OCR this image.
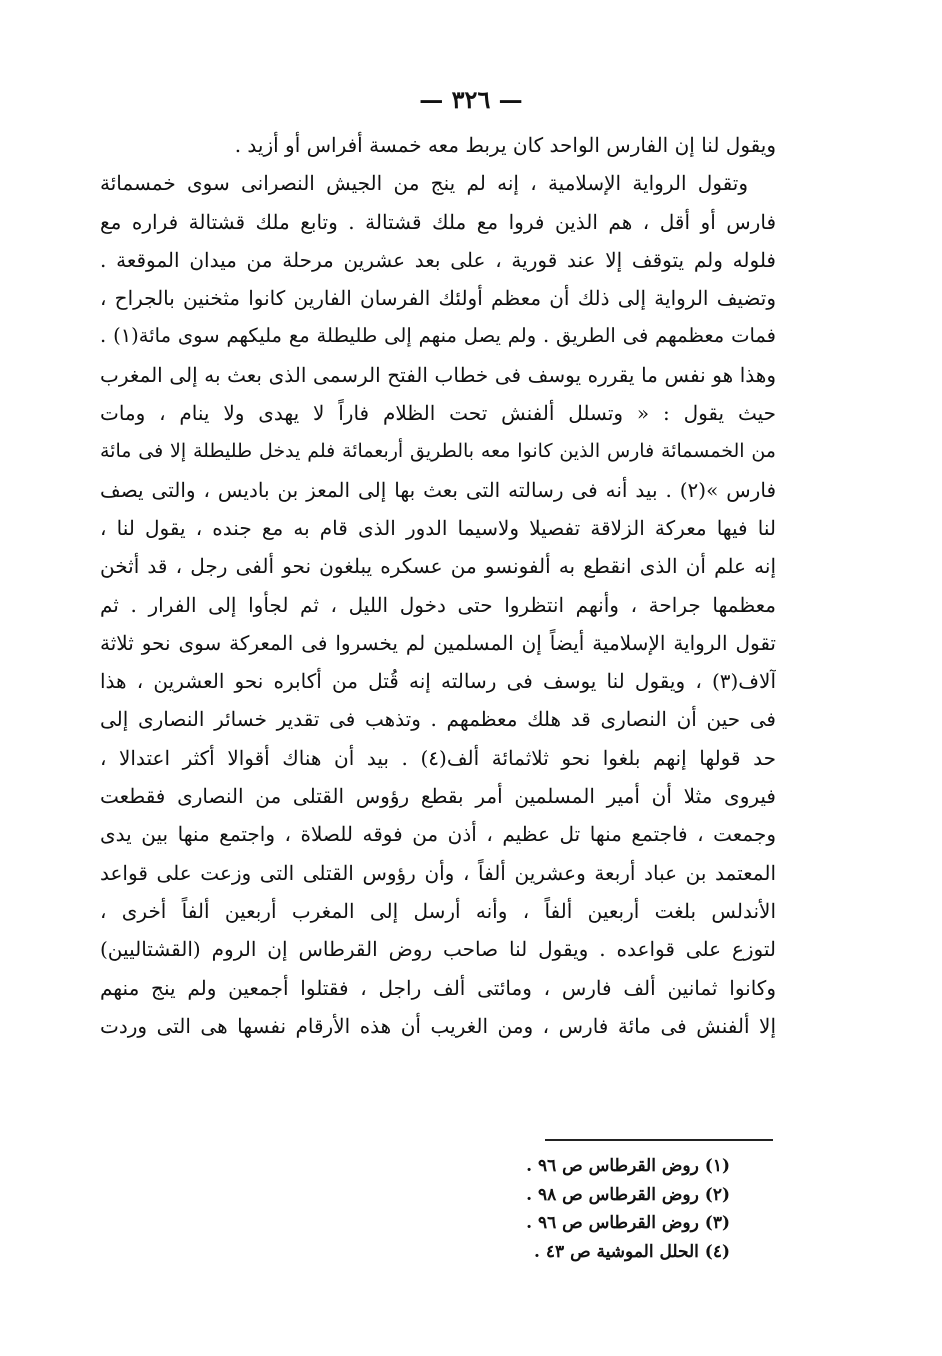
— ٣٢٦ —
ويقول لنا إن الفارس الواحد كان يربط معه خمسة أفراس أو أزيد .
وتقول الرواية الإسلامية ، إنه لم ينج من الجيش النصرانى سوى خمسمائة
فارس أو أقل ، هم الذين فروا مع ملك قشتالة . وتابع ملك قشتالة فراره مع
فلوله ولم يتوقف إلا عند قورية ، على بعد عشرين مرحلة من ميدان الموقعة .
وتضيف الرواية إلى ذلك أن معظم أولئك الفرسان الفارين كانوا مثخنين بالجراح ،
فمات معظمهم فى الطريق . ولم يصل منهم إلى طليطلة مع مليكهم سوى مائة(١) .
وهذا هو نفس ما يقرره يوسف فى خطاب الفتح الرسمى الذى بعث به إلى المغرب
حيث يقول : « وتسلل ألفنش تحت الظلام فاراً لا يهدى ولا ينام ، ومات
من الخمسمائة فارس الذين كانوا معه بالطريق أربعمائة فلم يدخل طليطلة إلا فى مائة
فارس »(٢) . بيد أنه فى رسالته التى بعث بها إلى المعز بن باديس ، والتى يصف
لنا فيها معركة الزلاقة تفصيلا ولاسيما الدور الذى قام به مع جنده ، يقول لنا ،
إنه علم أن الذى انقطع به ألفونسو من عسكره يبلغون نحو ألفى رجل ، قد أثخن
معظمها جراحة ، وأنهم انتظروا حتى دخول الليل ، ثم لجأوا إلى الفرار . ثم
تقول الرواية الإسلامية أيضاً إن المسلمين لم يخسروا فى المعركة سوى نحو ثلاثة
آلاف(٣) ، ويقول لنا يوسف فى رسالته إنه قُتل من أكابره نحو العشرين ، هذا
فى حين أن النصارى قد هلك معظمهم . وتذهب فى تقدير خسائر النصارى إلى
حد قولها إنهم بلغوا نحو ثلاثمائة ألف(٤) . بيد أن هناك أقوالا أكثر اعتدالا ،
فيروى مثلا أن أمير المسلمين أمر بقطع رؤوس القتلى من النصارى فقطعت
وجمعت ، فاجتمع منها تل عظيم ، أذن من فوقه للصلاة ، واجتمع منها بين يدى
المعتمد بن عباد أربعة وعشرين ألفاً ، وأن رؤوس القتلى التى وزعت على قواعد
الأندلس بلغت أربعين ألفاً ، وأنه أرسل إلى المغرب أربعين ألفاً أخرى ،
لتوزع على قواعده . ويقول لنا صاحب روض القرطاس إن الروم (القشتاليين)
وكانوا ثمانين ألف فارس ، ومائتى ألف راجل ، فقتلوا أجمعين ولم ينج منهم
إلا ألفنش فى مائة فارس ، ومن الغريب أن هذه الأرقام نفسها هى التى وردت
(١) روض القرطاس ص ٩٦ .
(٢) روض القرطاس ص ٩٨ .
(٣) روض القرطاس ص ٩٦ .
(٤) الحلل الموشية ص ٤٣ .
